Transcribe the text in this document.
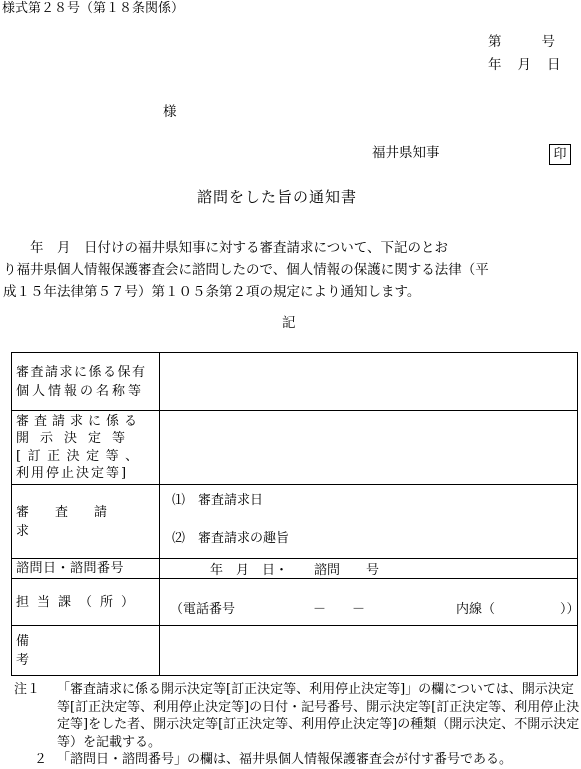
様式第２８号（第１８条関係）
第	号
年 月 日
様
福井県知事	印
諮問をした旨の通知書
　　年　月　日付けの福井県知事に対する審査請求について、下記のとお
り福井県個人情報保護審査会に諮問したので、個人情報の保護に関する法律（平
成１５年法律第５７号）第１０５条第２項の規定により通知します。
記
審査請求に係る保有
個人情報の名称等	

審査請求に係る
開示決定等
[訂正決定等、
利用停止決定等]	

審査請求	⑴　審査請求日
⑵　審査請求の趣旨

諮問日・諮問番号	年　月　日・　　諮問　　号

担当課（所）	（電話番号　　　　　　－　　－　　　　　　　内線（　　　　　））

備考	

注１	「審査請求に係る開示決定等[訂正決定等、利用停止決定等]」の欄については、開示決定等[訂正決定等、利用停止決定等]の日付・記号番号、開示決定等[訂正決定等、利用停止決定等]をした者、開示決定等[訂正決定等、利用停止決定等]の種類（開示決定、不開示決定等）を記載する。
２ 「諮問日・諮問番号」の欄は、福井県個人情報保護審査会が付す番号である。
